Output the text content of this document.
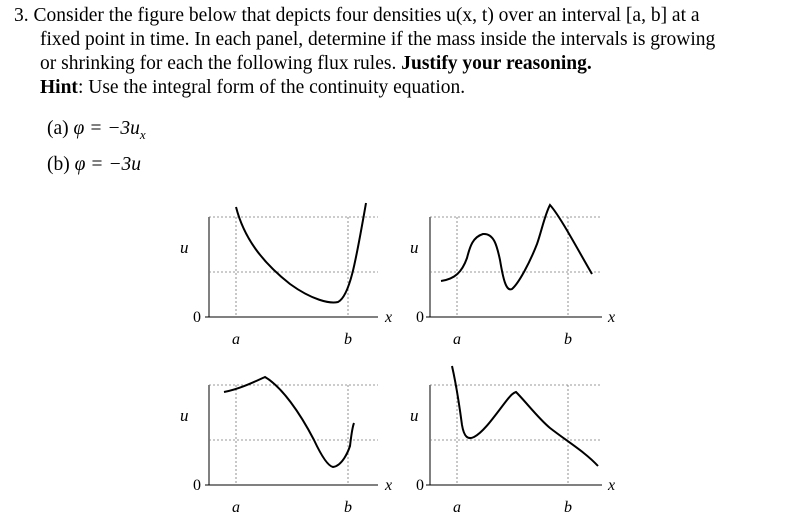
3. Consider the figure below that depicts four densities u(x, t) over an interval [a, b] at a

fixed point in time. In each panel, determine if the mass inside the intervals is growing

or shrinking for each the following flux rules. Justify your reasoning.

Hint: Use the integral form of the continuity equation.

(a) $\varphi = -3u_x$
(b) φ = −3u
u
0	x
a	b
u
0	x
a	b
u
0	x
a	b
u
0	x
a	b
